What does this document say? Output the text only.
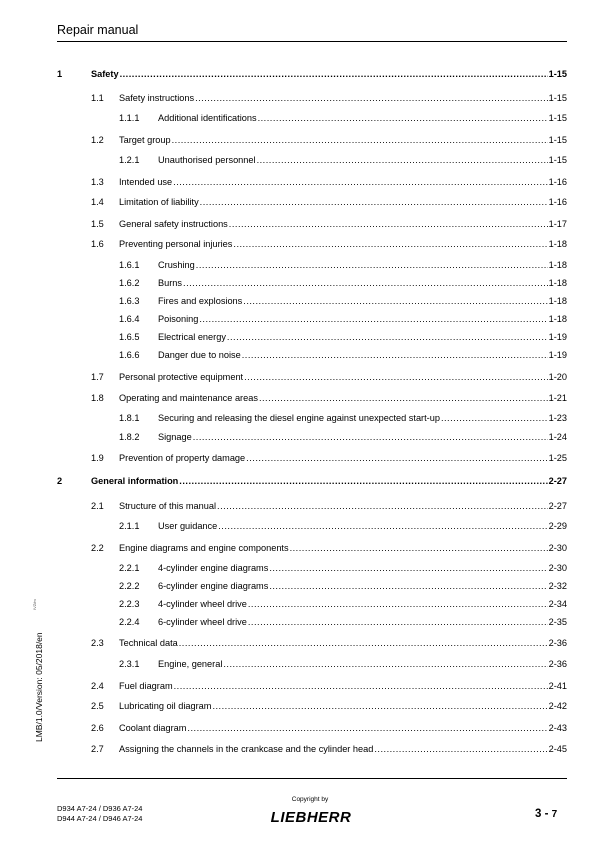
Repair manual
1	Safety .....	1-15
1.1 Safety instructions .....	1-15
1.1.1 Additional identifications .....	1-15
1.2 Target group .....	1-15
1.2.1 Unauthorised personnel .....	1-15
1.3 Intended use .....	1-16
1.4 Limitation of liability .....	1-16
1.5 General safety instructions .....	1-17
1.6 Preventing personal injuries .....	1-18
1.6.1 Crushing .....	1-18
1.6.2 Burns .....	1-18
1.6.3 Fires and explosions .....	1-18
1.6.4 Poisoning .....	1-18
1.6.5 Electrical energy .....	1-19
1.6.6 Danger due to noise .....	1-19
1.7 Personal protective equipment .....	1-20
1.8 Operating and maintenance areas .....	1-21
1.8.1 Securing and releasing the diesel engine against unexpected start-up .....	1-23
1.8.2 Signage .....	1-24
1.9 Prevention of property damage .....	1-25
2	General information .....	2-27
2.1 Structure of this manual .....	2-27
2.1.1 User guidance .....	2-29
2.2 Engine diagrams and engine components .....	2-30
2.2.1 4-cylinder engine diagrams .....	2-30
2.2.2 6-cylinder engine diagrams .....	2-32
2.2.3 4-cylinder wheel drive .....	2-34
2.2.4 6-cylinder wheel drive .....	2-35
2.3 Technical data .....	2-36
2.3.1 Engine, general .....	2-36
2.4 Fuel diagram .....	2-41
2.5 Lubricating oil diagram .....	2-42
2.6 Coolant diagram .....	2-43
2.7 Assigning the channels in the crankcase and the cylinder head .....	2-45
IVZ/m
LMB/1.0/Version: 05/2018/en
D934 A7-24 / D936 A7-24
D944 A7-24 / D946 A7-24
Copyright by
LIEBHERR	3 - 7
